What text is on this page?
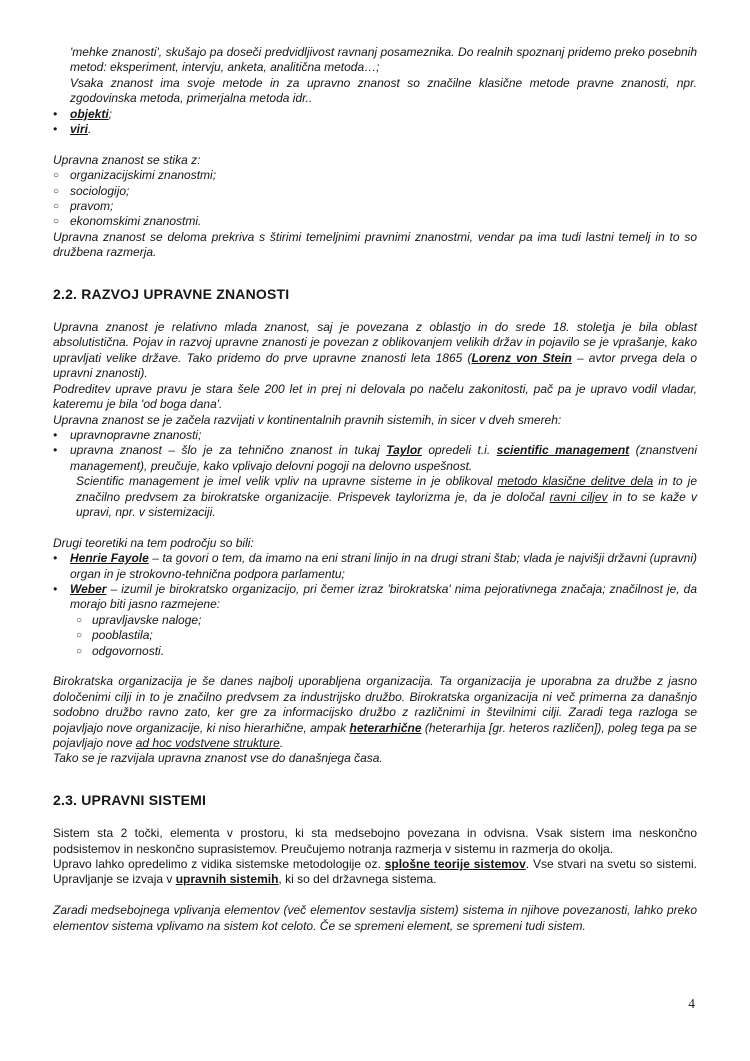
'mehke znanosti', skušajo pa doseči predvidljivost ravnanj posameznika. Do realnih spoznanj pridemo preko posebnih metod: eksperiment, intervju, anketa, analitična metoda…;

Vsaka znanost ima svoje metode in za upravno znanost so značilne klasične metode pravne znanosti, npr. zgodovinska metoda, primerjalna metoda idr..

•	objekti;

•	viri.

Upravna znanost se stika z:

○ organizacijskimi znanostmi;

○ sociologijo;

○ pravom;

○ ekonomskimi znanostmi.

Upravna znanost se deloma prekriva s štirimi temeljnimi pravnimi znanostmi, vendar pa ima tudi lastni temelj in to so družbena razmerja.

2.2. RAZVOJ UPRAVNE ZNANOSTI

Upravna znanost je relativno mlada znanost, saj je povezana z oblastjo in do srede 18. stoletja je bila oblast absolutistična. Pojav in razvoj upravne znanosti je povezan z oblikovanjem velikih držav in pojavilo se je vprašanje, kako upravljati velike države. Tako pridemo do prve upravne znanosti leta 1865 (Lorenz von Stein – avtor prvega dela o upravni znanosti).

Podreditev uprave pravu je stara šele 200 let in prej ni delovala po načelu zakonitosti, pač pa je upravo vodil vladar, kateremu je bila 'od boga dana'.

Upravna znanost se je začela razvijati v kontinentalnih pravnih sistemih, in sicer v dveh smereh:

•	upravnopravne znanosti;

•	upravna znanost – šlo je za tehnično znanost in tukaj Taylor opredeli t.i. scientific management (znanstveni management), preučuje, kako vplivajo delovni pogoji na delovno uspešnost.

Scientific management je imel velik vpliv na upravne sisteme in je oblikoval metodo klasične delitve dela in to je značilno predvsem za birokratske organizacije. Prispevek taylorizma je, da je določal ravni ciljev in to se kaže v upravi, npr. v sistemizaciji.

Drugi teoretiki na tem področju so bili:

•	Henrie Fayole – ta govori o tem, da imamo na eni strani linijo in na drugi strani štab; vlada je najvišji državni (upravni) organ in je strokovno-tehnična podpora parlamentu;

•	Weber – izumil je birokratsko organizacijo, pri čemer izraz 'birokratska' nima pejorativnega značaja; značilnost je, da morajo biti jasno razmejene:

○ upravljavske naloge;

○ pooblastila;

○ odgovornosti.

Birokratska organizacija je še danes najbolj uporabljena organizacija. Ta organizacija je uporabna za družbe z jasno določenimi cilji in to je značilno predvsem za industrijsko družbo. Birokratska organizacija ni več primerna za današnjo sodobno družbo ravno zato, ker gre za informacijsko družbo z različnimi in številnimi cilji. Zaradi tega razloga se pojavljajo nove organizacije, ki niso hierarhične, ampak heterarhične (heterarhija [gr. heteros različen]), poleg tega pa se pojavljajo nove ad hoc vodstvene strukture.

Tako se je razvijala upravna znanost vse do današnjega časa.

2.3. UPRAVNI SISTEMI

Sistem sta 2 točki, elementa v prostoru, ki sta medsebojno povezana in odvisna. Vsak sistem ima neskončno podsistemov in neskončno suprasistemov. Preučujemo notranja razmerja v sistemu in razmerja do okolja.

Upravo lahko opredelimo z vidika sistemske metodologije oz. splošne teorije sistemov. Vse stvari na svetu so sistemi. Upravljanje se izvaja v upravnih sistemih, ki so del državnega sistema.

Zaradi medsebojnega vplivanja elementov (več elementov sestavlja sistem) sistema in njihove povezanosti, lahko preko elementov sistema vplivamo na sistem kot celoto. Če se spremeni element, se spremeni tudi sistem.

4
